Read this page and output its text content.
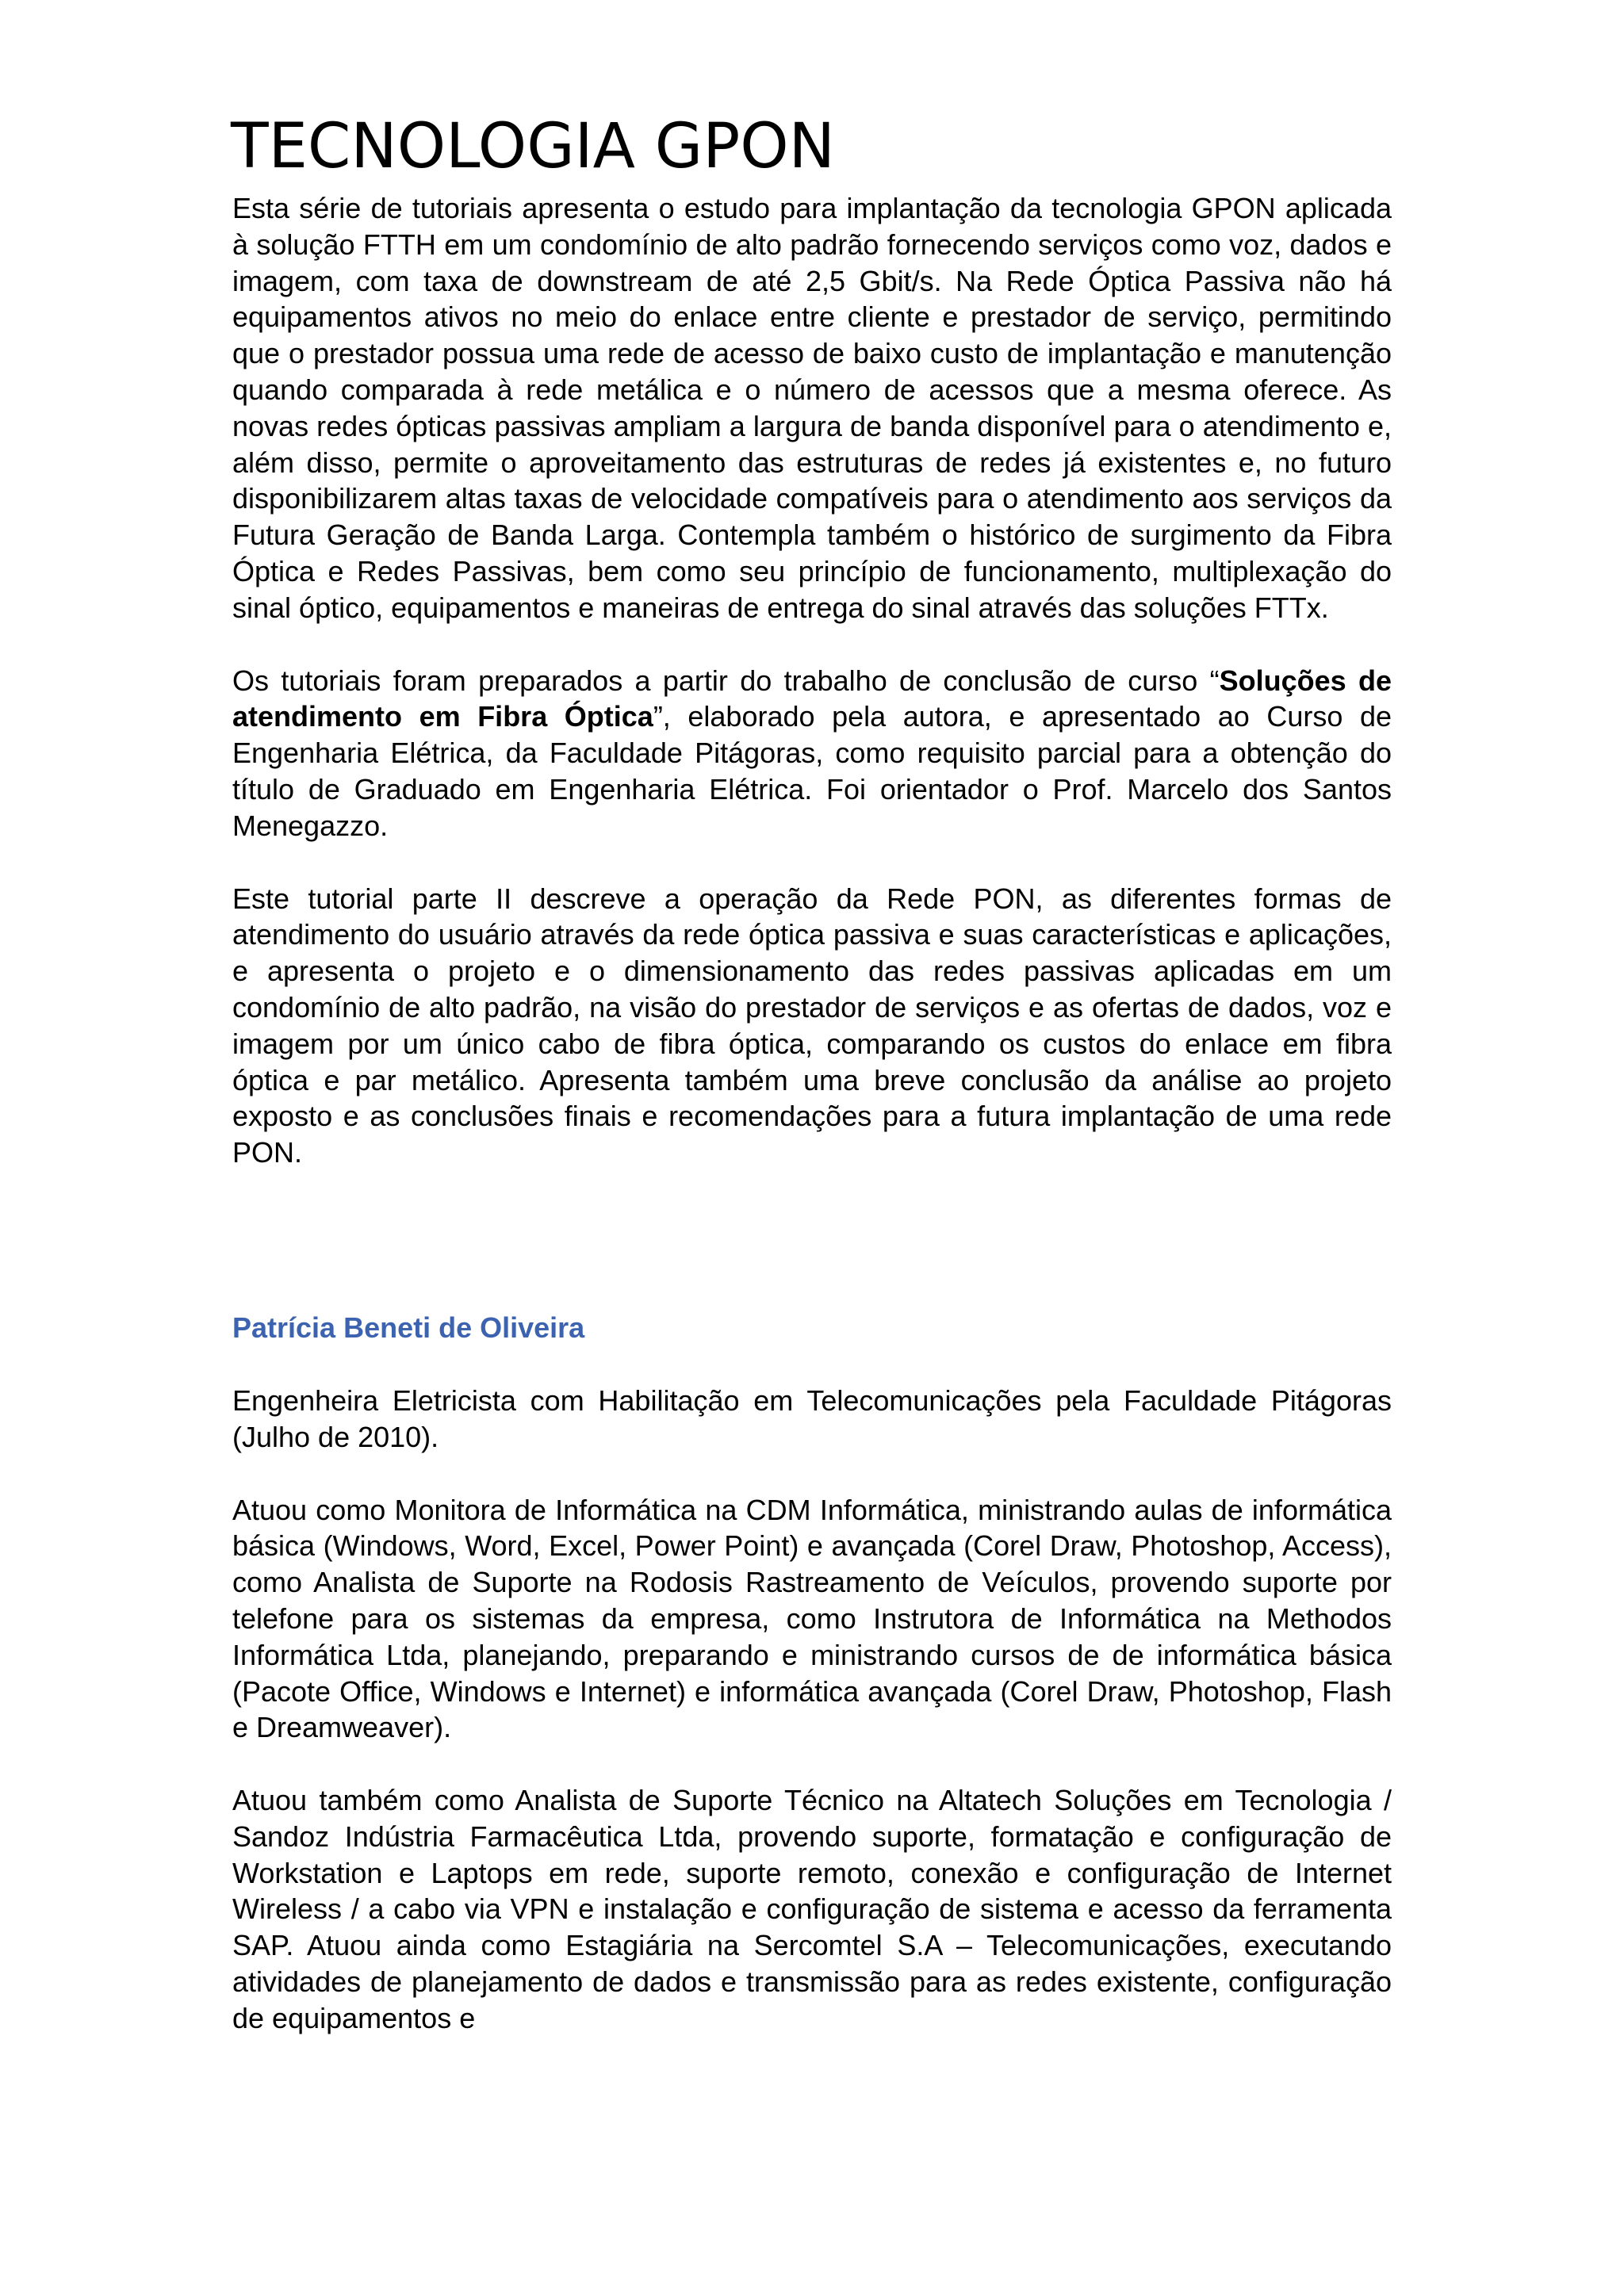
TECNOLOGIA GPON

Esta série de tutoriais apresenta o estudo para implantação da tecnologia GPON aplicada à solução FTTH em um condomínio de alto padrão fornecendo serviços como voz, dados e imagem, com taxa de downstream de até 2,5 Gbit/s. Na Rede Óptica Passiva não há equipamentos ativos no meio do enlace entre cliente e prestador de serviço, permitindo que o prestador possua uma rede de acesso de baixo custo de implantação e manutenção quando comparada à rede metálica e o número de acessos que a mesma oferece. As novas redes ópticas passivas ampliam a largura de banda disponível para o atendimento e, além disso, permite o aproveitamento das estruturas de redes já existentes e, no futuro disponibilizarem altas taxas de velocidade compatíveis para o atendimento aos serviços da Futura Geração de Banda Larga. Contempla também o histórico de surgimento da Fibra Óptica e Redes Passivas, bem como seu princípio de funcionamento, multiplexação do sinal óptico, equipamentos e maneiras de entrega do sinal através das soluções FTTx.

Os tutoriais foram preparados a partir do trabalho de conclusão de curso “Soluções de atendimento em Fibra Óptica”, elaborado pela autora, e apresentado ao Curso de Engenharia Elétrica, da Faculdade Pitágoras, como requisito parcial para a obtenção do título de Graduado em Engenharia Elétrica. Foi orientador o Prof. Marcelo dos Santos Menegazzo.

Este tutorial parte II descreve a operação da Rede PON, as diferentes formas de atendimento do usuário através da rede óptica passiva e suas características e aplicações, e apresenta o projeto e o dimensionamento das redes passivas aplicadas em um condomínio de alto padrão, na visão do prestador de serviços e as ofertas de dados, voz e imagem por um único cabo de fibra óptica, comparando os custos do enlace em fibra óptica e par metálico. Apresenta também uma breve conclusão da análise ao projeto exposto e as conclusões finais e recomendações para a futura implantação de uma rede PON.

Patrícia Beneti de Oliveira

Engenheira Eletricista com Habilitação em Telecomunicações pela Faculdade Pitágoras (Julho de 2010).

Atuou como Monitora de Informática na CDM Informática, ministrando aulas de informática básica (Windows, Word, Excel, Power Point) e avançada (Corel Draw, Photoshop, Access), como Analista de Suporte na Rodosis Rastreamento de Veículos, provendo suporte por telefone para os sistemas da empresa, como Instrutora de Informática na Methodos Informática Ltda, planejando, preparando e ministrando cursos de de informática básica (Pacote Office, Windows e Internet) e informática avançada (Corel Draw, Photoshop, Flash e Dreamweaver).

Atuou também como Analista de Suporte Técnico na Altatech Soluções em Tecnologia / Sandoz Indústria Farmacêutica Ltda, provendo suporte, formatação e configuração de Workstation e Laptops em rede, suporte remoto, conexão e configuração de Internet Wireless / a cabo via VPN e instalação e configuração de sistema e acesso da ferramenta SAP. Atuou ainda como Estagiária na Sercomtel S.A – Telecomunicações, executando atividades de planejamento de dados e transmissão para as redes existente, configuração de equipamentos e
